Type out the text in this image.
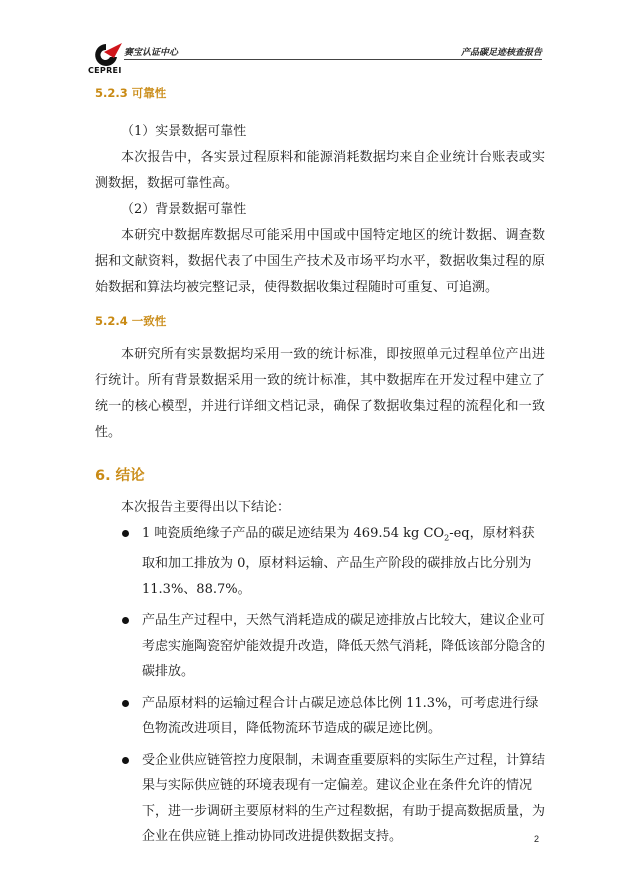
CEPREI
赛宝认证中心	产品碳足迹核查报告
5.2.3 可靠性

（1）实景数据可靠性

本次报告中，各实景过程原料和能源消耗数据均来自企业统计台账表或实测数据，数据可靠性高。

（2）背景数据可靠性

本研究中数据库数据尽可能采用中国或中国特定地区的统计数据、调查数据和文献资料，数据代表了中国生产技术及市场平均水平，数据收集过程的原始数据和算法均被完整记录，使得数据收集过程随时可重复、可追溯。

5.2.4 一致性

本研究所有实景数据均采用一致的统计标准，即按照单元过程单位产出进行统计。所有背景数据采用一致的统计标准，其中数据库在开发过程中建立了统一的核心模型，并进行详细文档记录，确保了数据收集过程的流程化和一致性。

6. 结论

本次报告主要得出以下结论：

1 吨瓷质绝缘子产品的碳足迹结果为 469.54 kg $CO_2-eq$，原材料获取和加工排放为 0，原材料运输、产品生产阶段的碳排放占比分别为 11.3%、88.7%。
产品生产过程中，天然气消耗造成的碳足迹排放占比较大，建议企业可考虑实施陶瓷窑炉能效提升改造，降低天然气消耗，降低该部分隐含的碳排放。
产品原材料的运输过程合计占碳足迹总体比例 11.3%，可考虑进行绿色物流改进项目，降低物流环节造成的碳足迹比例。
受企业供应链管控力度限制，未调查重要原料的实际生产过程，计算结果与实际供应链的环境表现有一定偏差。建议企业在条件允许的情况下，进一步调研主要原材料的生产过程数据，有助于提高数据质量，为企业在供应链上推动协同改进提供数据支持。	2
